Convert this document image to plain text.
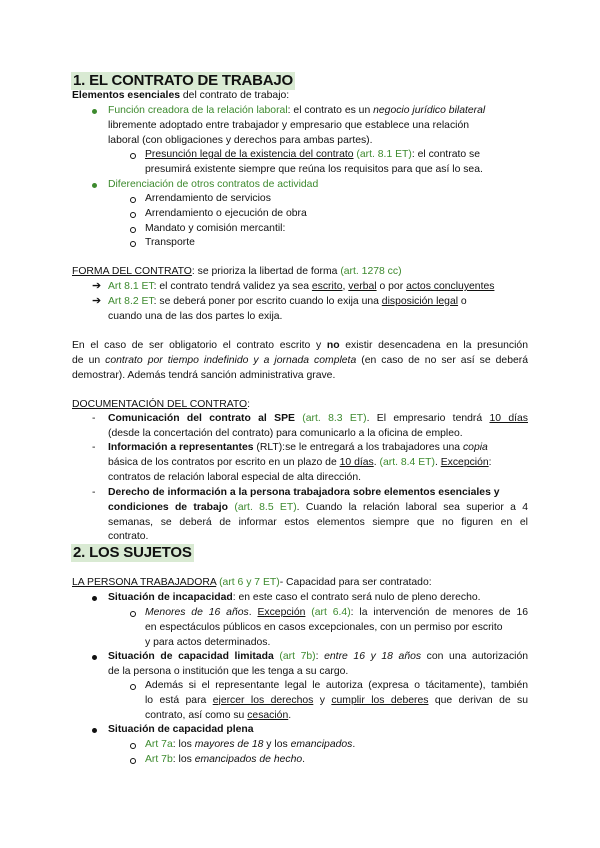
1. EL CONTRATO DE TRABAJO
Elementos esenciales del contrato de trabajo:
Función creadora de la relación laboral: el contrato es un negocio jurídico bilateral
libremente adoptado entre trabajador y empresario que establece una relación
laboral (con obligaciones y derechos para ambas partes).
Presunción legal de la existencia del contrato (art. 8.1 ET): el contrato se
presumirá existente siempre que reúna los requisitos para que así lo sea.
Diferenciación de otros contratos de actividad
Arrendamiento de servicios
Arrendamiento o ejecución de obra
Mandato y comisión mercantil:
Transporte
FORMA DEL CONTRATO: se prioriza la libertad de forma (art. 1278 cc)
➔ Art 8.1 ET: el contrato tendrá validez ya sea escrito, verbal o por actos concluyentes
➔ Art 8.2 ET: se deberá poner por escrito cuando lo exija una disposición legal o
cuando una de las dos partes lo exija.
En el caso de ser obligatorio el contrato escrito y no existir desencadena en la presunción
de un contrato por tiempo indefinido y a jornada completa (en caso de no ser así se deberá
demostrar). Además tendrá sanción administrativa grave.
DOCUMENTACIÓN DEL CONTRATO:
- Comunicación del contrato al SPE (art. 8.3 ET). El empresario tendrá 10 días
(desde la concertación del contrato) para comunicarlo a la oficina de empleo.
- Información a representantes (RLT):se le entregará a los trabajadores una copia
básica de los contratos por escrito en un plazo de 10 días. (art. 8.4 ET). Excepción:
contratos de relación laboral especial de alta dirección.
- Derecho de información a la persona trabajadora sobre elementos esenciales y
condiciones de trabajo (art. 8.5 ET). Cuando la relación laboral sea superior a 4
semanas, se deberá de informar estos elementos siempre que no figuren en el
contrato.
2. LOS SUJETOS
LA PERSONA TRABAJADORA (art 6 y 7 ET)- Capacidad para ser contratado:
Situación de incapacidad: en este caso el contrato será nulo de pleno derecho.
Menores de 16 años. Excepción (art 6.4): la intervención de menores de 16
en espectáculos públicos en casos excepcionales, con un permiso por escrito
y para actos determinados.
Situación de capacidad limitada (art 7b): entre 16 y 18 años con una autorización
de la persona o institución que les tenga a su cargo.
Además si el representante legal le autoriza (expresa o tácitamente), también
lo está para ejercer los derechos y cumplir los deberes que derivan de su
contrato, así como su cesación.
Situación de capacidad plena
Art 7a: los mayores de 18 y los emancipados.
Art 7b: los emancipados de hecho.
